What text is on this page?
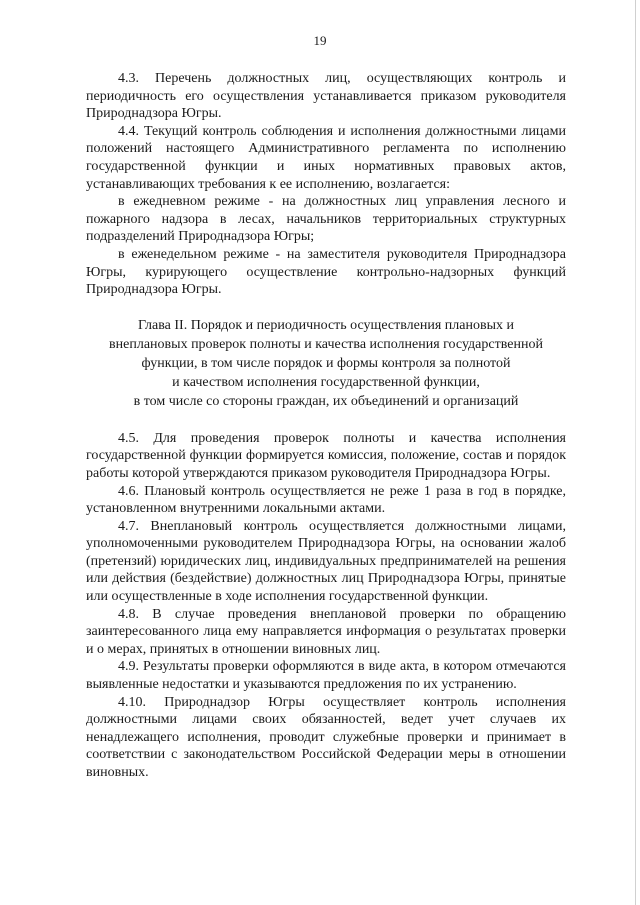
19

4.3. Перечень должностных лиц, осуществляющих контроль и периодичность его осуществления устанавливается приказом руководителя Природнадзора Югры.

4.4. Текущий контроль соблюдения и исполнения должностными лицами положений настоящего Административного регламента по исполнению государственной функции и иных нормативных правовых актов, устанавливающих требования к ее исполнению, возлагается:

в ежедневном режиме - на должностных лиц управления лесного и пожарного надзора в лесах, начальников территориальных структурных подразделений Природнадзора Югры;

в еженедельном режиме - на заместителя руководителя Природнадзора Югры, курирующего осуществление контрольно-надзорных функций Природнадзора Югры.

Глава II. Порядок и периодичность осуществления плановых и
внеплановых проверок полноты и качества исполнения государственной
функции, в том числе порядок и формы контроля за полнотой
и качеством исполнения государственной функции,
в том числе со стороны граждан, их объединений и организаций

4.5. Для проведения проверок полноты и качества исполнения государственной функции формируется комиссия, положение, состав и порядок работы которой утверждаются приказом руководителя Природнадзора Югры.

4.6. Плановый контроль осуществляется не реже 1 раза в год в порядке, установленном внутренними локальными актами.

4.7. Внеплановый контроль осуществляется должностными лицами, уполномоченными руководителем Природнадзора Югры, на основании жалоб (претензий) юридических лиц, индивидуальных предпринимателей на решения или действия (бездействие) должностных лиц Природнадзора Югры, принятые или осуществленные в ходе исполнения государственной функции.

4.8. В случае проведения внеплановой проверки по обращению заинтересованного лица ему направляется информация о результатах проверки и о мерах, принятых в отношении виновных лиц.

4.9. Результаты проверки оформляются в виде акта, в котором отмечаются выявленные недостатки и указываются предложения по их устранению.

4.10. Природнадзор Югры осуществляет контроль исполнения должностными лицами своих обязанностей, ведет учет случаев их ненадлежащего исполнения, проводит служебные проверки и принимает в соответствии с законодательством Российской Федерации меры в отношении виновных.
